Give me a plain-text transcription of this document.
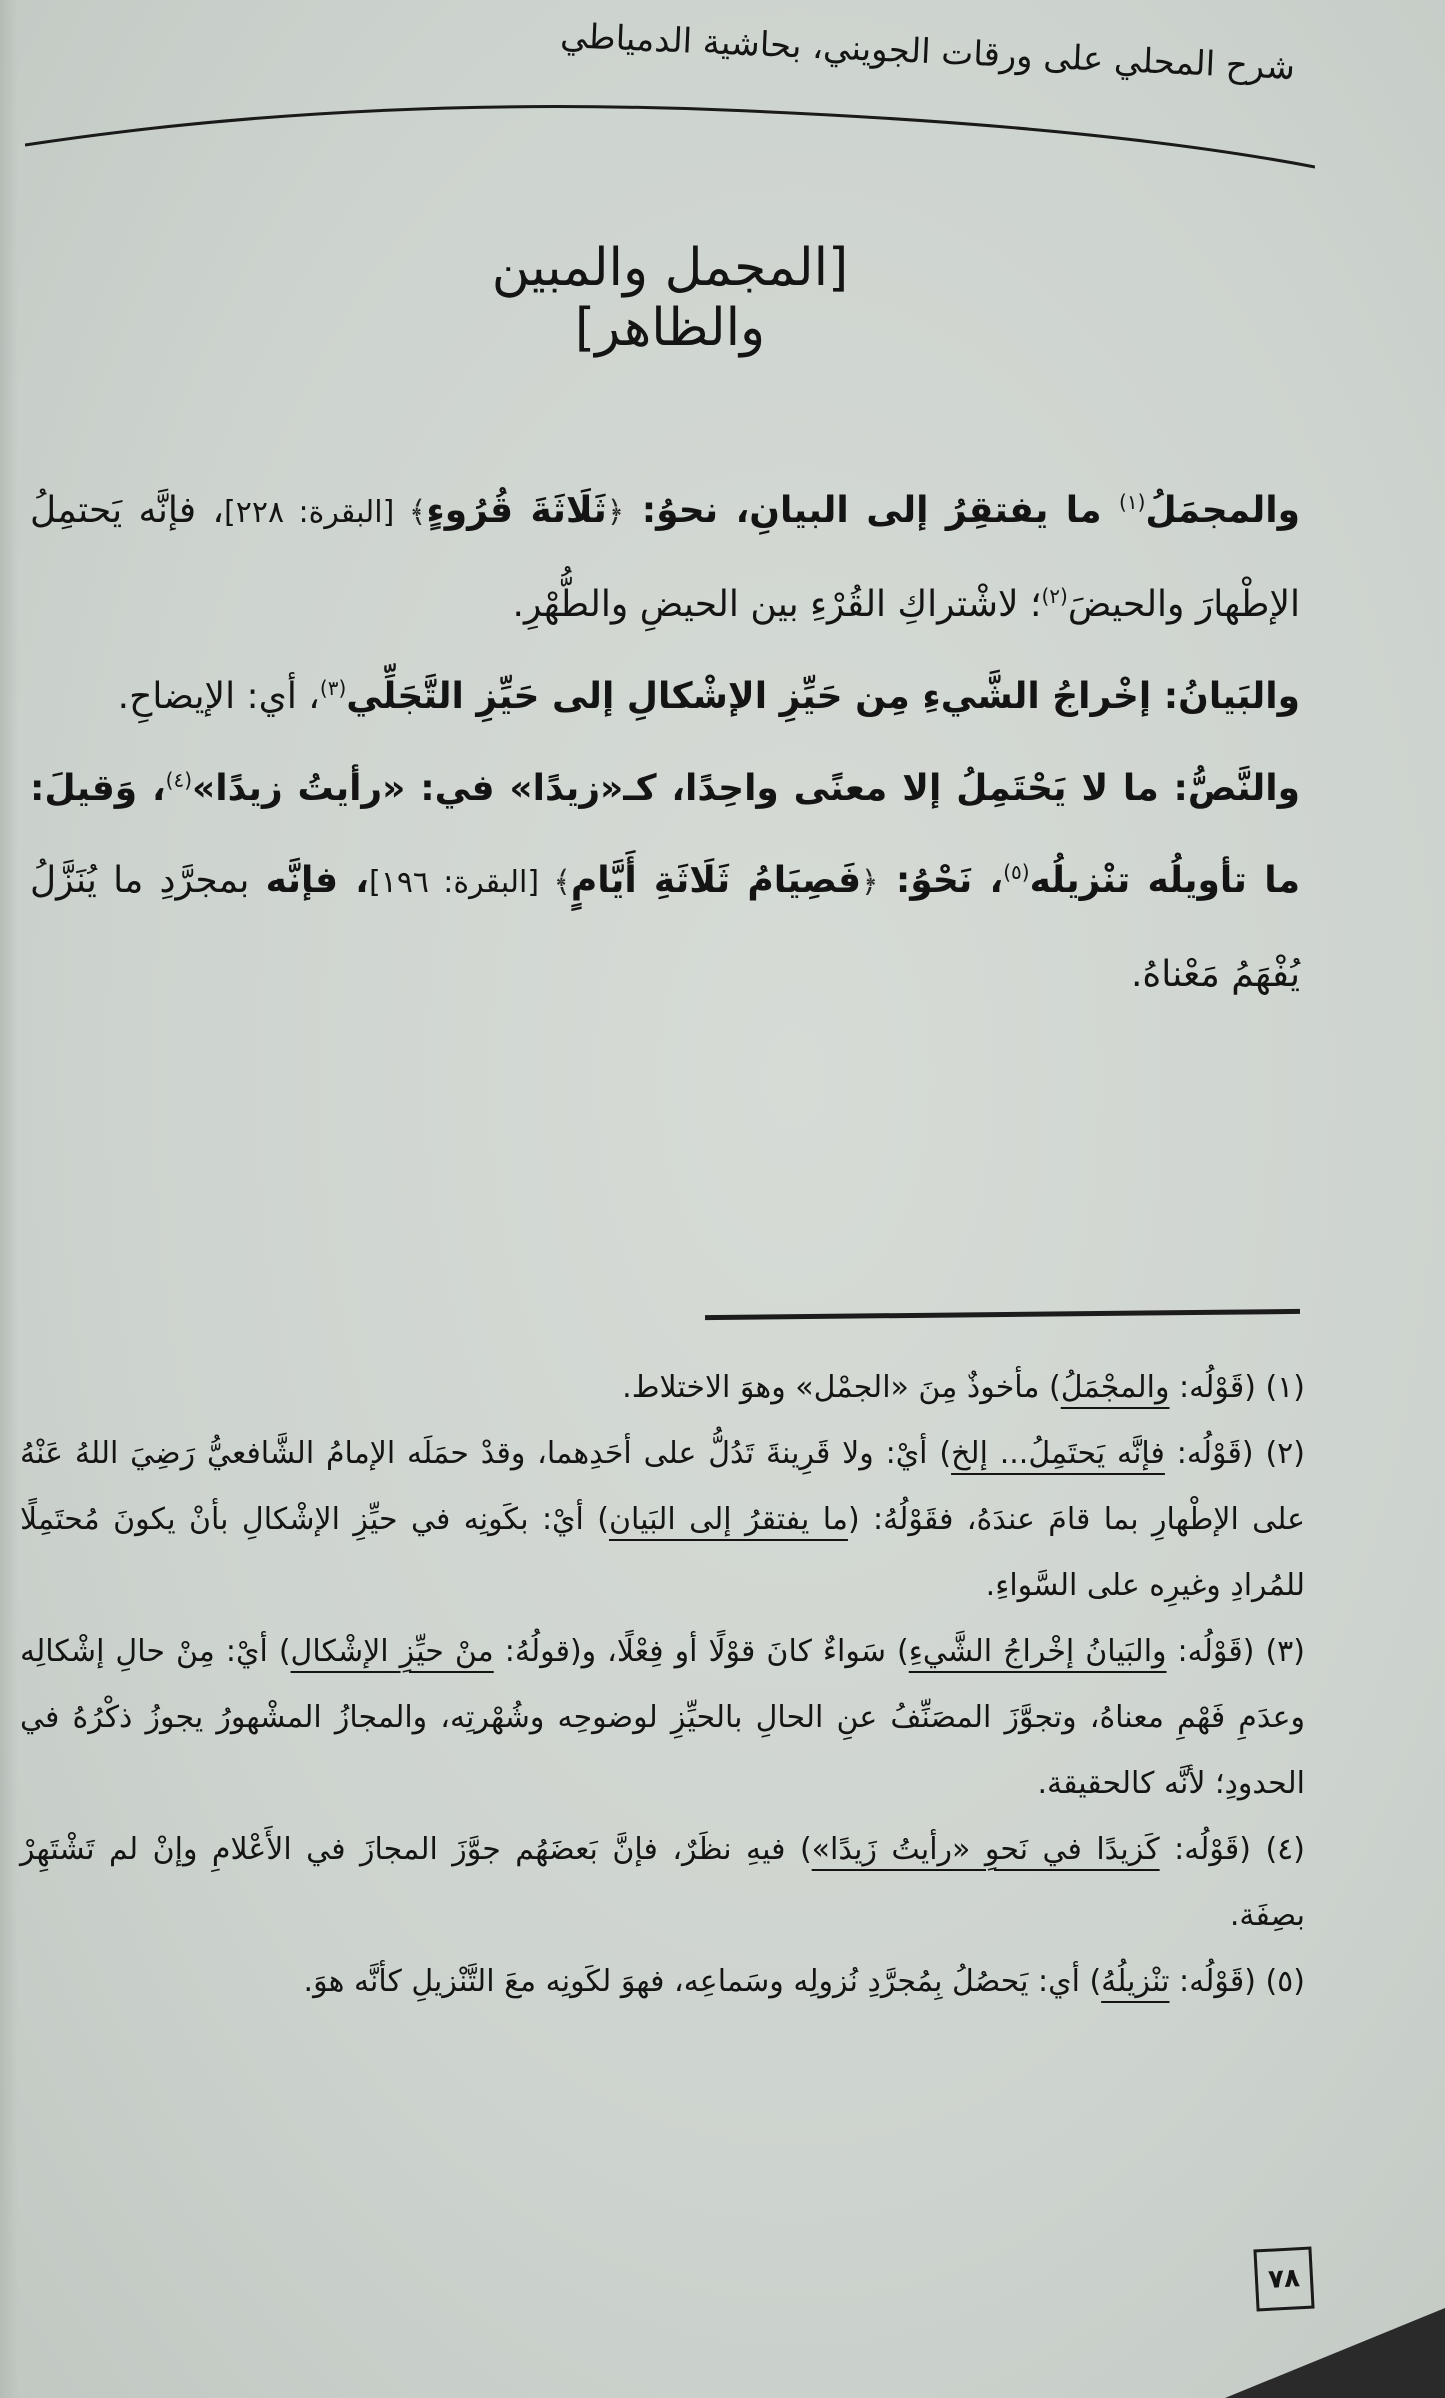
شرح المحلي على ورقات الجويني، بحاشية الدمياطي
[المجمل والمبين والظاهر]

والمجمَلُ$^{(١)}$ ما يفتقِرُ إلى البيانِ، نحوُ: ﴿ثَلَاثَةَ قُرُوءٍ﴾ [البقرة: ٢٢٨]، فإنَّه يَحتمِلُ الإطْهارَ والحيضَ$^{(٢)}$؛ لاشْتراكِ القُرْءِ بين الحيضِ والطُّهْرِ.

والبَيانُ: إخْراجُ الشَّيءِ مِن حَيِّزِ الإشْكالِ إلى حَيِّزِ التَّجَلِّي$^{(٣)}$، أي: الإيضاحِ.

والنَّصُّ: ما لا يَحْتَمِلُ إلا معنًى واحِدًا، كـ«زيدًا» في: «رأيتُ زيدًا»$^{(٤)}$، وَقيلَ: ما تأويلُه تنْزيلُه$^{(٥)}$، نَحْوُ: ﴿فَصِيَامُ ثَلَاثَةِ أَيَّامٍ﴾ [البقرة: ١٩٦]، فإنَّه بمجرَّدِ ما يُنَزَّلُ يُفْهَمُ مَعْناهُ.

(١) (قَوْلُه: والمجْمَلُ) مأخوذٌ مِنَ «الجمْل» وهوَ الاختلاط.

(٢) (قَوْلُه: فإنَّه يَحتَمِلُ... إلخ) أيْ: ولا قَرِينةَ تَدُلُّ على أحَدِهما، وقدْ حمَلَه الإمامُ الشَّافعيُّ رَضِيَ اللهُ عَنْهُ على الإطْهارِ بما قامَ عندَهُ، فقَوْلُهُ: (ما يفتقرُ إلى البَيان) أيْ: بكَونِه في حيِّزِ الإشْكالِ بأنْ يكونَ مُحتَمِلًا للمُرادِ وغيرِه على السَّواءِ.

(٣) (قَوْلُه: والبَيانُ إخْراجُ الشَّيءِ) سَواءٌ كانَ قوْلًا أو فِعْلًا، و(قولُهُ: منْ حيِّزِ الإشْكال) أيْ: مِنْ حالِ إشْكالِه وعدَمِ فَهْمِ معناهُ، وتجوَّزَ المصَنِّفُ عنِ الحالِ بالحيِّزِ لوضوحِه وشُهْرتِه، والمجازُ المشْهورُ يجوزُ ذكْرُهُ في الحدودِ؛ لأنَّه كالحقيقة.

(٤) (قَوْلُه: كَزيدًا في نَحوِ «رأيتُ زَيدًا») فيهِ نظَرٌ، فإنَّ بَعضَهُم جوَّزَ المجازَ في الأَعْلامِ وإنْ لم تَشْتَهِرْ بصِفَة.

(٥) (قَوْلُه: تنْزيلُهُ) أي: يَحصُلُ بِمُجرَّدِ نُزولِه وسَماعِه، فهوَ لكَونِه معَ التَّنْزيلِ كأنَّه هوَ.

٧٨
